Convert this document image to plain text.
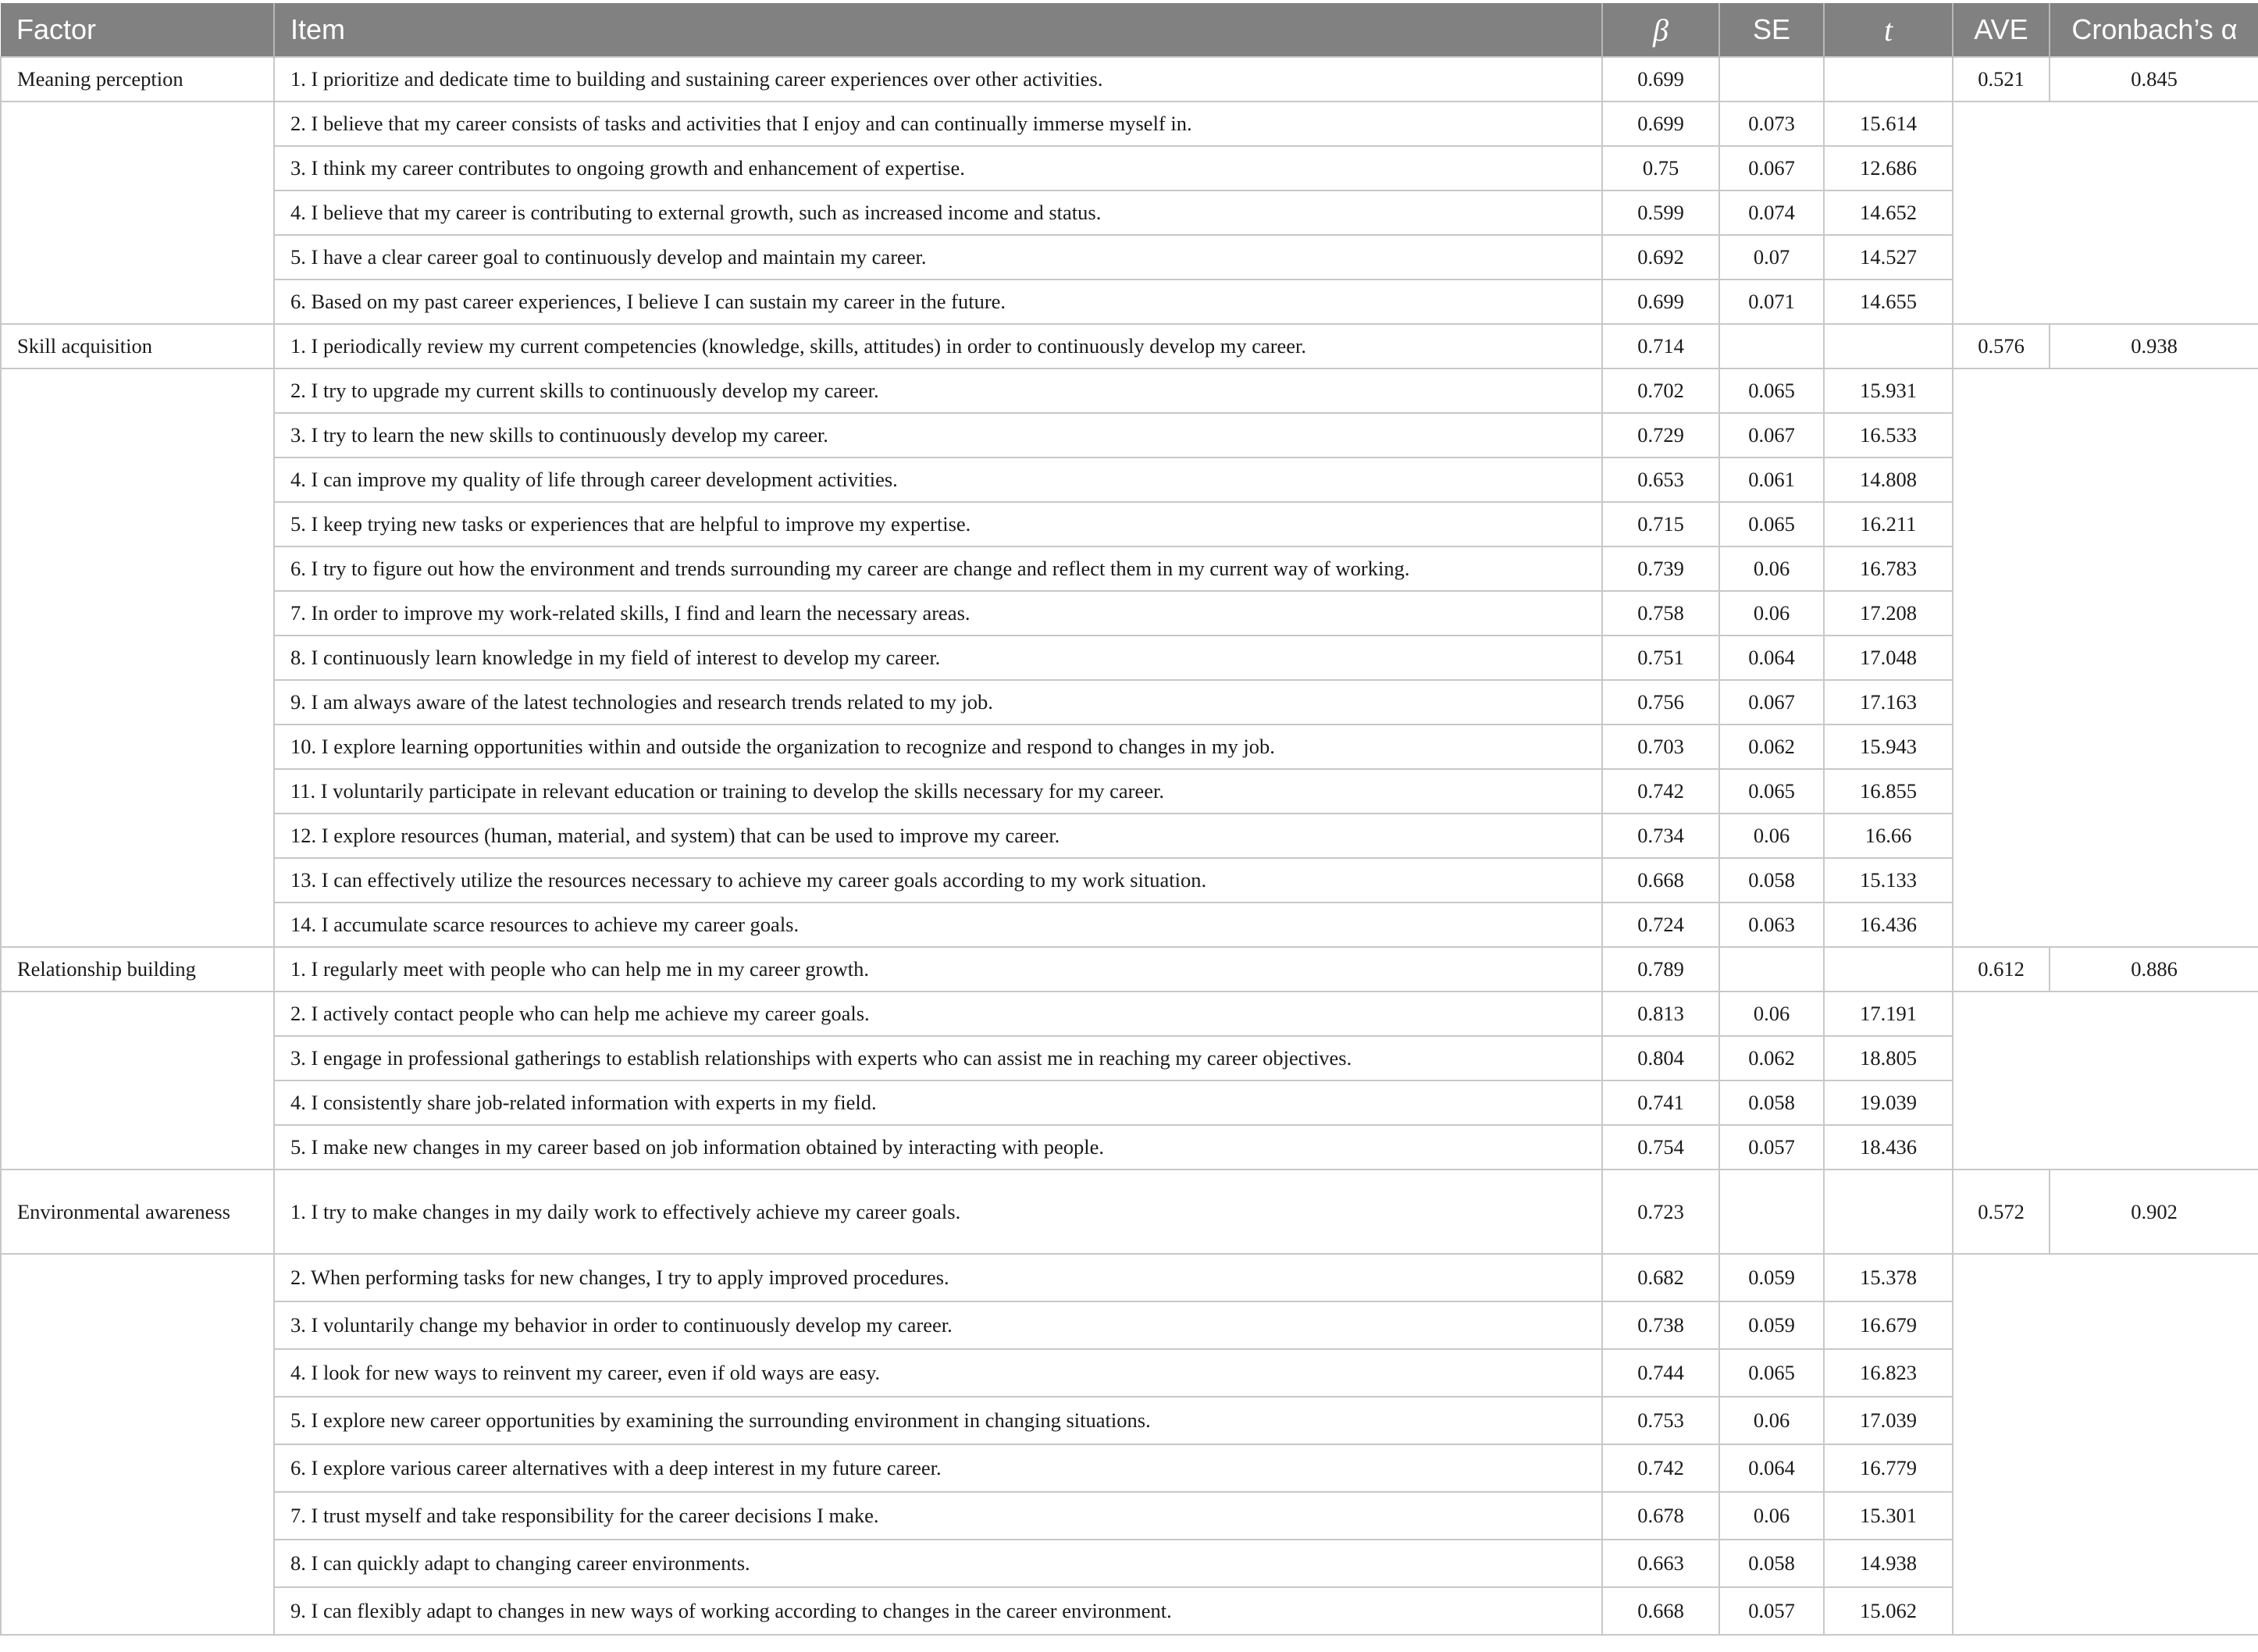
Factor	Item	β	SE	t	AVE	Cronbach’s α
Meaning perception	1. I prioritize and dedicate time to building and sustaining career experiences over other activities.	0.699			0.521	0.845
	2. I believe that my career consists of tasks and activities that I enjoy and can continually immerse myself in.	0.699	0.073	15.614		
	3. I think my career contributes to ongoing growth and enhancement of expertise.	0.75	0.067	12.686		
	4. I believe that my career is contributing to external growth, such as increased income and status.	0.599	0.074	14.652		
	5. I have a clear career goal to continuously develop and maintain my career.	0.692	0.07	14.527		
	6. Based on my past career experiences, I believe I can sustain my career in the future.	0.699	0.071	14.655		
Skill acquisition	1. I periodically review my current competencies (knowledge, skills, attitudes) in order to continuously develop my career.	0.714			0.576	0.938
	2. I try to upgrade my current skills to continuously develop my career.	0.702	0.065	15.931		
	3. I try to learn the new skills to continuously develop my career.	0.729	0.067	16.533		
	4. I can improve my quality of life through career development activities.	0.653	0.061	14.808		
	5. I keep trying new tasks or experiences that are helpful to improve my expertise.	0.715	0.065	16.211		
	6. I try to figure out how the environment and trends surrounding my career are change and reflect them in my current way of working.	0.739	0.06	16.783		
	7. In order to improve my work-related skills, I find and learn the necessary areas.	0.758	0.06	17.208		
	8. I continuously learn knowledge in my field of interest to develop my career.	0.751	0.064	17.048		
	9. I am always aware of the latest technologies and research trends related to my job.	0.756	0.067	17.163		
	10. I explore learning opportunities within and outside the organization to recognize and respond to changes in my job.	0.703	0.062	15.943		
	11. I voluntarily participate in relevant education or training to develop the skills necessary for my career.	0.742	0.065	16.855		
	12. I explore resources (human, material, and system) that can be used to improve my career.	0.734	0.06	16.66		
	13. I can effectively utilize the resources necessary to achieve my career goals according to my work situation.	0.668	0.058	15.133		
	14. I accumulate scarce resources to achieve my career goals.	0.724	0.063	16.436		
Relationship building	1. I regularly meet with people who can help me in my career growth.	0.789			0.612	0.886
	2. I actively contact people who can help me achieve my career goals.	0.813	0.06	17.191		
	3. I engage in professional gatherings to establish relationships with experts who can assist me in reaching my career objectives.	0.804	0.062	18.805		
	4. I consistently share job-related information with experts in my field.	0.741	0.058	19.039		
	5. I make new changes in my career based on job information obtained by interacting with people.	0.754	0.057	18.436		
Environmental awareness	1. I try to make changes in my daily work to effectively achieve my career goals.	0.723			0.572	0.902
	2. When performing tasks for new changes, I try to apply improved procedures.	0.682	0.059	15.378		
	3. I voluntarily change my behavior in order to continuously develop my career.	0.738	0.059	16.679		
	4. I look for new ways to reinvent my career, even if old ways are easy.	0.744	0.065	16.823		
	5. I explore new career opportunities by examining the surrounding environment in changing situations.	0.753	0.06	17.039		
	6. I explore various career alternatives with a deep interest in my future career.	0.742	0.064	16.779		
	7. I trust myself and take responsibility for the career decisions I make.	0.678	0.06	15.301		
	8. I can quickly adapt to changing career environments.	0.663	0.058	14.938		
	9. I can flexibly adapt to changes in new ways of working according to changes in the career environment.	0.668	0.057	15.062		
